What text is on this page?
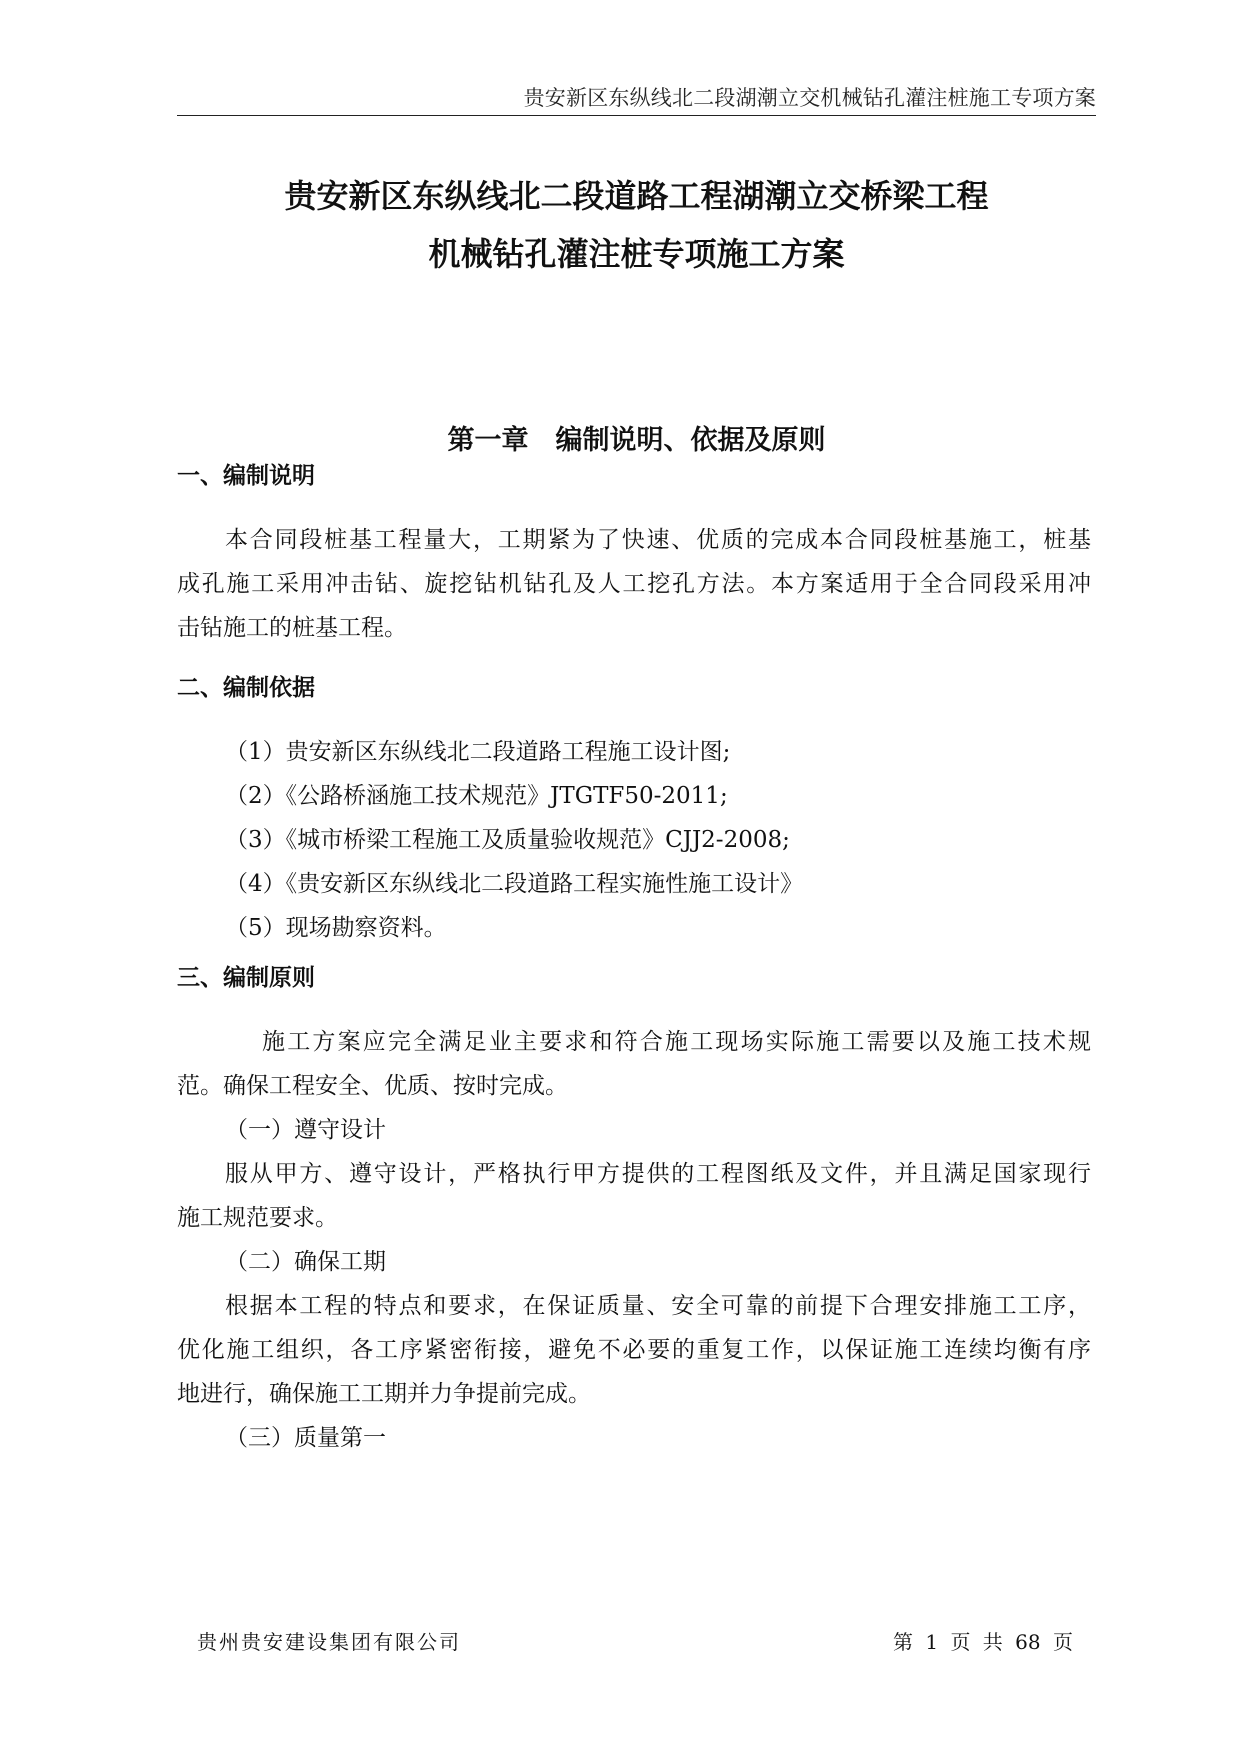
贵安新区东纵线北二段湖潮立交机械钻孔灌注桩施工专项方案
贵安新区东纵线北二段道路工程湖潮立交桥梁工程
机械钻孔灌注桩专项施工方案
第一章　编制说明、依据及原则
一、编制说明
本合同段桩基工程量大，工期紧为了快速、优质的完成本合同段桩基施工，桩基
成孔施工采用冲击钻、旋挖钻机钻孔及人工挖孔方法。本方案适用于全合同段采用冲
击钻施工的桩基工程。
二、编制依据
（1）贵安新区东纵线北二段道路工程施工设计图;
（2）《公路桥涵施工技术规范》JTGTF50-2011;
（3）《城市桥梁工程施工及质量验收规范》CJJ2-2008;
（4）《贵安新区东纵线北二段道路工程实施性施工设计》
（5）现场勘察资料。
三、编制原则
施工方案应完全满足业主要求和符合施工现场实际施工需要以及施工技术规
范。确保工程安全、优质、按时完成。
（一）遵守设计
服从甲方、遵守设计，严格执行甲方提供的工程图纸及文件，并且满足国家现行
施工规范要求。
（二）确保工期
根据本工程的特点和要求，在保证质量、安全可靠的前提下合理安排施工工序，
优化施工组织，各工序紧密衔接，避免不必要的重复工作，以保证施工连续均衡有序
地进行，确保施工工期并力争提前完成。
（三）质量第一
贵州贵安建设集团有限公司	第 1 页 共 68 页
